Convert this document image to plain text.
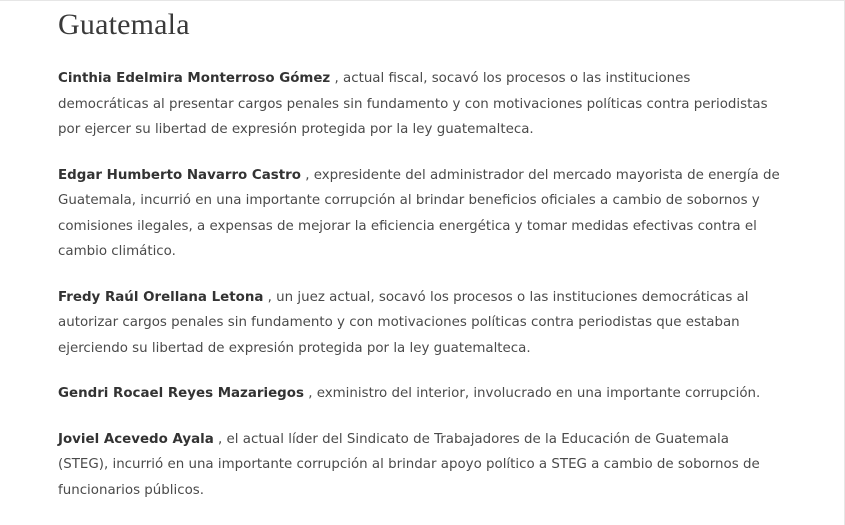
Guatemala

Cinthia Edelmira Monterroso Gómez , actual fiscal, socavó los procesos o las instituciones democráticas al presentar cargos penales sin fundamento y con motivaciones políticas contra periodistas por ejercer su libertad de expresión protegida por la ley guatemalteca.

Edgar Humberto Navarro Castro , expresidente del administrador del mercado mayorista de energía de Guatemala, incurrió en una importante corrupción al brindar beneficios oficiales a cambio de sobornos y comisiones ilegales, a expensas de mejorar la eficiencia energética y tomar medidas efectivas contra el cambio climático.

Fredy Raúl Orellana Letona , un juez actual, socavó los procesos o las instituciones democráticas al autorizar cargos penales sin fundamento y con motivaciones políticas contra periodistas que estaban ejerciendo su libertad de expresión protegida por la ley guatemalteca.

Gendri Rocael Reyes Mazariegos , exministro del interior, involucrado en una importante corrupción.

Joviel Acevedo Ayala , el actual líder del Sindicato de Trabajadores de la Educación de Guatemala (STEG), incurrió en una importante corrupción al brindar apoyo político a STEG a cambio de sobornos de funcionarios públicos.
